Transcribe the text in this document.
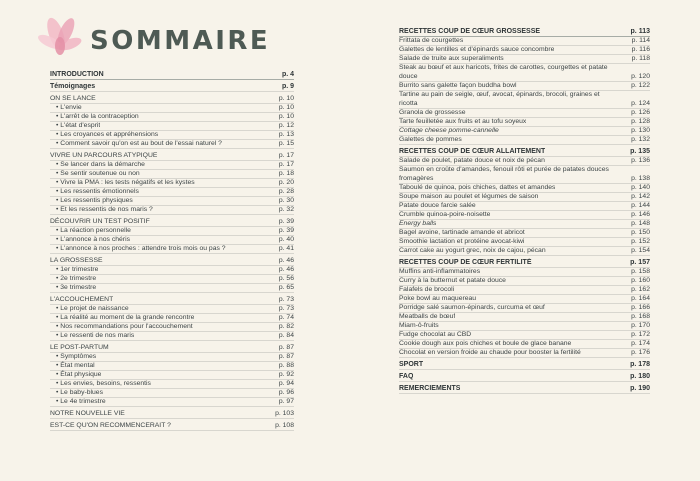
SOMMAIRE
INTRODUCTION	p. 4
Témoignages	p. 9
ON SE LANCE	p. 10
• L'envie	p. 10
• L'arrêt de la contraception	p. 10
• L'état d'esprit	p. 12
• Les croyances et appréhensions	p. 13
• Comment savoir qu'on est au bout de l'essai naturel ?	p. 15
VIVRE UN PARCOURS ATYPIQUE	p. 17
• Se lancer dans la démarche	p. 17
• Se sentir soutenue ou non	p. 18
• Vivre la PMA : les tests négatifs et les kystes	p. 20
• Les ressentis émotionnels	p. 28
• Les ressentis physiques	p. 30
• Et les ressentis de nos maris ?	p. 32
DÉCOUVRIR UN TEST POSITIF	p. 39
• La réaction personnelle	p. 39
• L'annonce à nos chéris	p. 40
• L'annonce à nos proches : attendre trois mois ou pas ?	p. 41
LA GROSSESSE	p. 46
• 1er trimestre	p. 46
• 2e trimestre	p. 56
• 3e trimestre	p. 65
L'ACCOUCHEMENT	p. 73
• Le projet de naissance	p. 73
• La réalité au moment de la grande rencontre	p. 74
• Nos recommandations pour l'accouchement	p. 82
• Le ressenti de nos maris	p. 84
LE POST-PARTUM	p. 87
• Symptômes	p. 87
• État mental	p. 88
• État physique	p. 92
• Les envies, besoins, ressentis	p. 94
• Le baby-blues	p. 96
• Le 4e trimestre	p. 97
NOTRE NOUVELLE VIE	p. 103
EST-CE QU'ON RECOMMENCERAIT ?	p. 108
RECETTES COUP DE CŒUR GROSSESSE	p. 113
Frittata de courgettes	p. 114
Galettes de lentilles et d'épinards sauce concombre	p. 116
Salade de truite aux superaliments	p. 118
Steak au bœuf et aux haricots, frites de carottes, courgettes et patate douce	p. 120
Burrito sans galette façon buddha bowl	p. 122
Tartine au pain de seigle, œuf, avocat, épinards, brocoli, graines et ricotta	p. 124
Granola de grossesse	p. 126
Tarte feuilletée aux fruits et au tofu soyeux	p. 128
Cottage cheese pomme-cannelle	p. 130
Galettes de pommes	p. 132
RECETTES COUP DE CŒUR ALLAITEMENT	p. 135
Salade de poulet, patate douce et noix de pécan	p. 136
Saumon en croûte d'amandes, fenouil rôti et purée de patates douces fromagères	p. 138
Taboulé de quinoa, pois chiches, dattes et amandes	p. 140
Soupe maison au poulet et légumes de saison	p. 142
Patate douce farcie salée	p. 144
Crumble quinoa-poire-noisette	p. 146
Energy balls	p. 148
Bagel avoine, tartinade amande et abricot	p. 150
Smoothie lactation et protéine avocat-kiwi	p. 152
Carrot cake au yogurt grec, noix de cajou, pécan	p. 154
RECETTES COUP DE CŒUR FERTILITÉ	p. 157
Muffins anti-inflammatoires	p. 158
Curry à la butternut et patate douce	p. 160
Falafels de brocoli	p. 162
Poke bowl au maquereau	p. 164
Porridge salé saumon-épinards, curcuma et œuf	p. 166
Meatballs de bœuf	p. 168
Miam-ô-fruits	p. 170
Fudge chocolat au CBD	p. 172
Cookie dough aux pois chiches et boule de glace banane	p. 174
Chocolat en version froide au chaude pour booster la fertilité	p. 176
SPORT	p. 178
FAQ	p. 180
REMERCIEMENTS	p. 190
